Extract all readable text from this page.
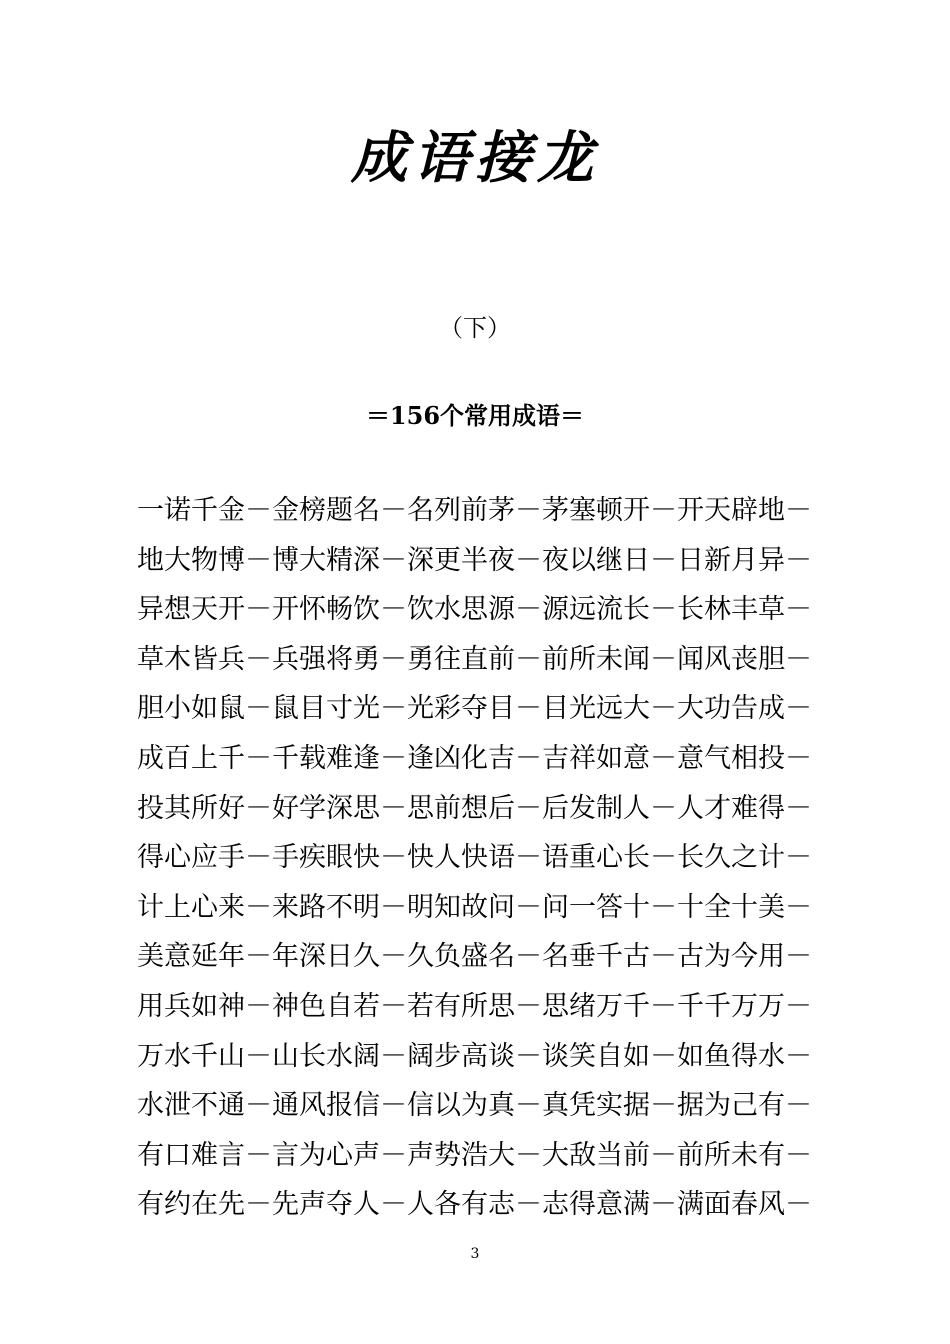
成语接龙
（下）
＝156个常用成语＝
一诺千金－金榜题名－名列前茅－茅塞顿开－开天辟地－
地大物博－博大精深－深更半夜－夜以继日－日新月异－
异想天开－开怀畅饮－饮水思源－源远流长－长林丰草－
草木皆兵－兵强将勇－勇往直前－前所未闻－闻风丧胆－
胆小如鼠－鼠目寸光－光彩夺目－目光远大－大功告成－
成百上千－千载难逢－逢凶化吉－吉祥如意－意气相投－
投其所好－好学深思－思前想后－后发制人－人才难得－
得心应手－手疾眼快－快人快语－语重心长－长久之计－
计上心来－来路不明－明知故问－问一答十－十全十美－
美意延年－年深日久－久负盛名－名垂千古－古为今用－
用兵如神－神色自若－若有所思－思绪万千－千千万万－
万水千山－山长水阔－阔步高谈－谈笑自如－如鱼得水－
水泄不通－通风报信－信以为真－真凭实据－据为己有－
有口难言－言为心声－声势浩大－大敌当前－前所未有－
有约在先－先声夺人－人各有志－志得意满－满面春风－
3
